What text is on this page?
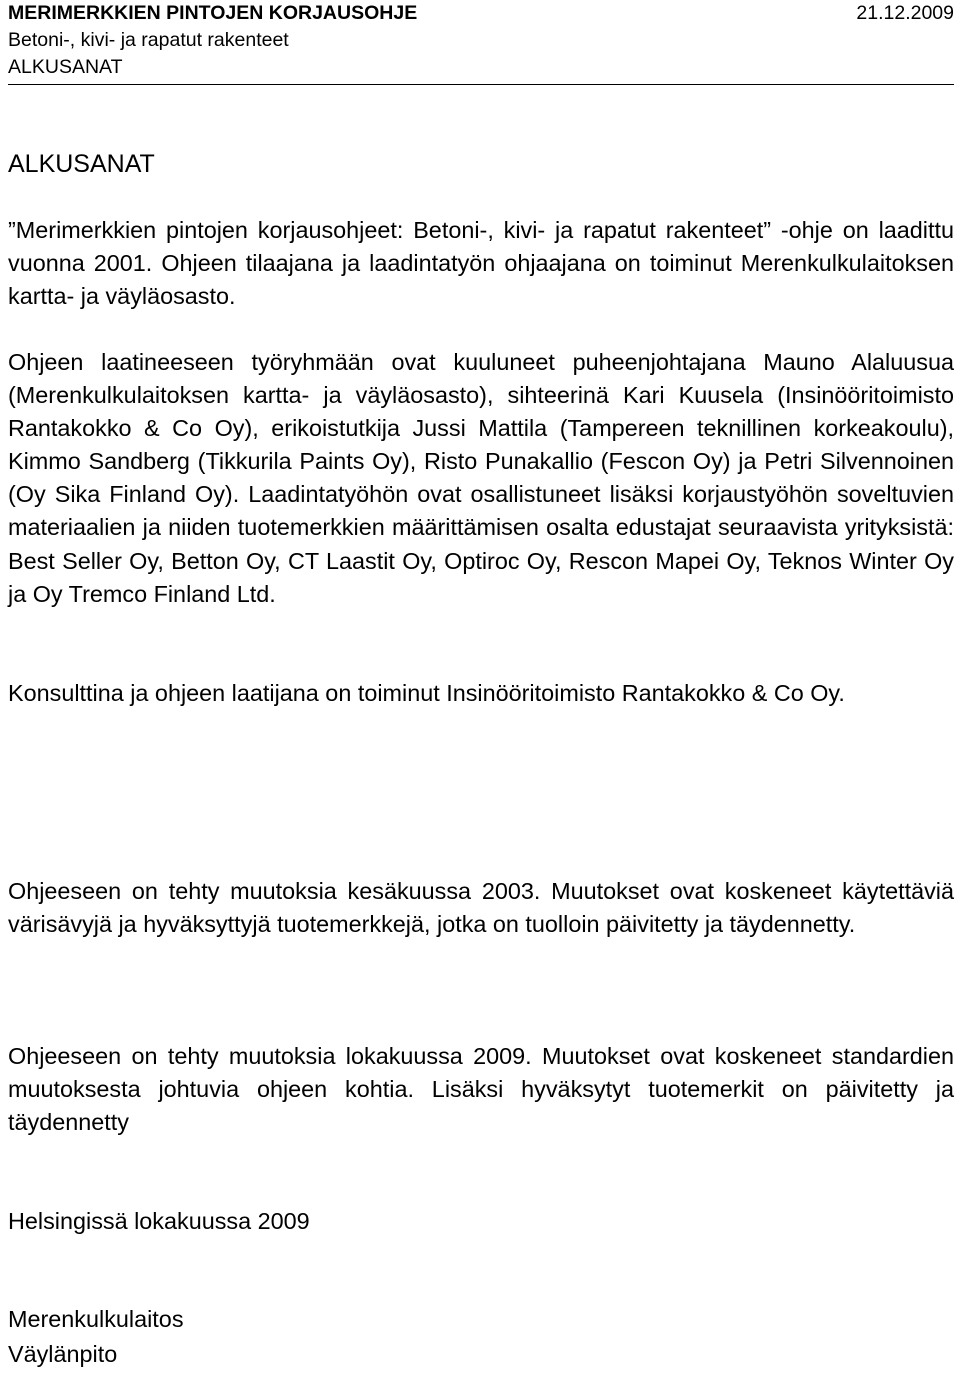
MERIMERKKIEN PINTOJEN KORJAUSOHJE	21.12.2009
Betoni-, kivi- ja rapatut rakenteet
ALKUSANAT
ALKUSANAT

”Merimerkkien pintojen korjausohjeet: Betoni-, kivi- ja rapatut rakenteet” -ohje on laadittu vuonna 2001. Ohjeen tilaajana ja laadintatyön ohjaajana on toiminut Merenkulkulaitoksen kartta- ja väyläosasto.

Ohjeen laatineeseen työryhmään ovat kuuluneet puheenjohtajana Mauno Alaluusua (Merenkulkulaitoksen kartta- ja väyläosasto), sihteerinä Kari Kuusela (Insinööritoimisto Rantakokko & Co Oy), erikoistutkija Jussi Mattila (Tampereen teknillinen korkeakoulu), Kimmo Sandberg (Tikkurila Paints Oy), Risto Punakallio (Fescon Oy) ja Petri Silvennoinen (Oy Sika Finland Oy). Laadintatyöhön ovat osallistuneet lisäksi korjaustyöhön soveltuvien materiaalien ja niiden tuotemerkkien määrittämisen osalta edustajat seuraavista yrityksistä: Best Seller Oy, Betton Oy, CT Laastit Oy, Optiroc Oy, Rescon Mapei Oy, Teknos Winter Oy ja Oy Tremco Finland Ltd.

Konsulttina ja ohjeen laatijana on toiminut Insinööritoimisto Rantakokko & Co Oy.

Ohjeeseen on tehty muutoksia kesäkuussa 2003. Muutokset ovat koskeneet käytettäviä värisävyjä ja hyväksyttyjä tuotemerkkejä, jotka on tuolloin päivitetty ja täydennetty.

Ohjeeseen on tehty muutoksia lokakuussa 2009. Muutokset ovat koskeneet standardien muutoksesta johtuvia ohjeen kohtia. Lisäksi hyväksytyt tuotemerkit on päivitetty ja täydennetty

Helsingissä lokakuussa 2009

Merenkulkulaitos

Väylänpito
